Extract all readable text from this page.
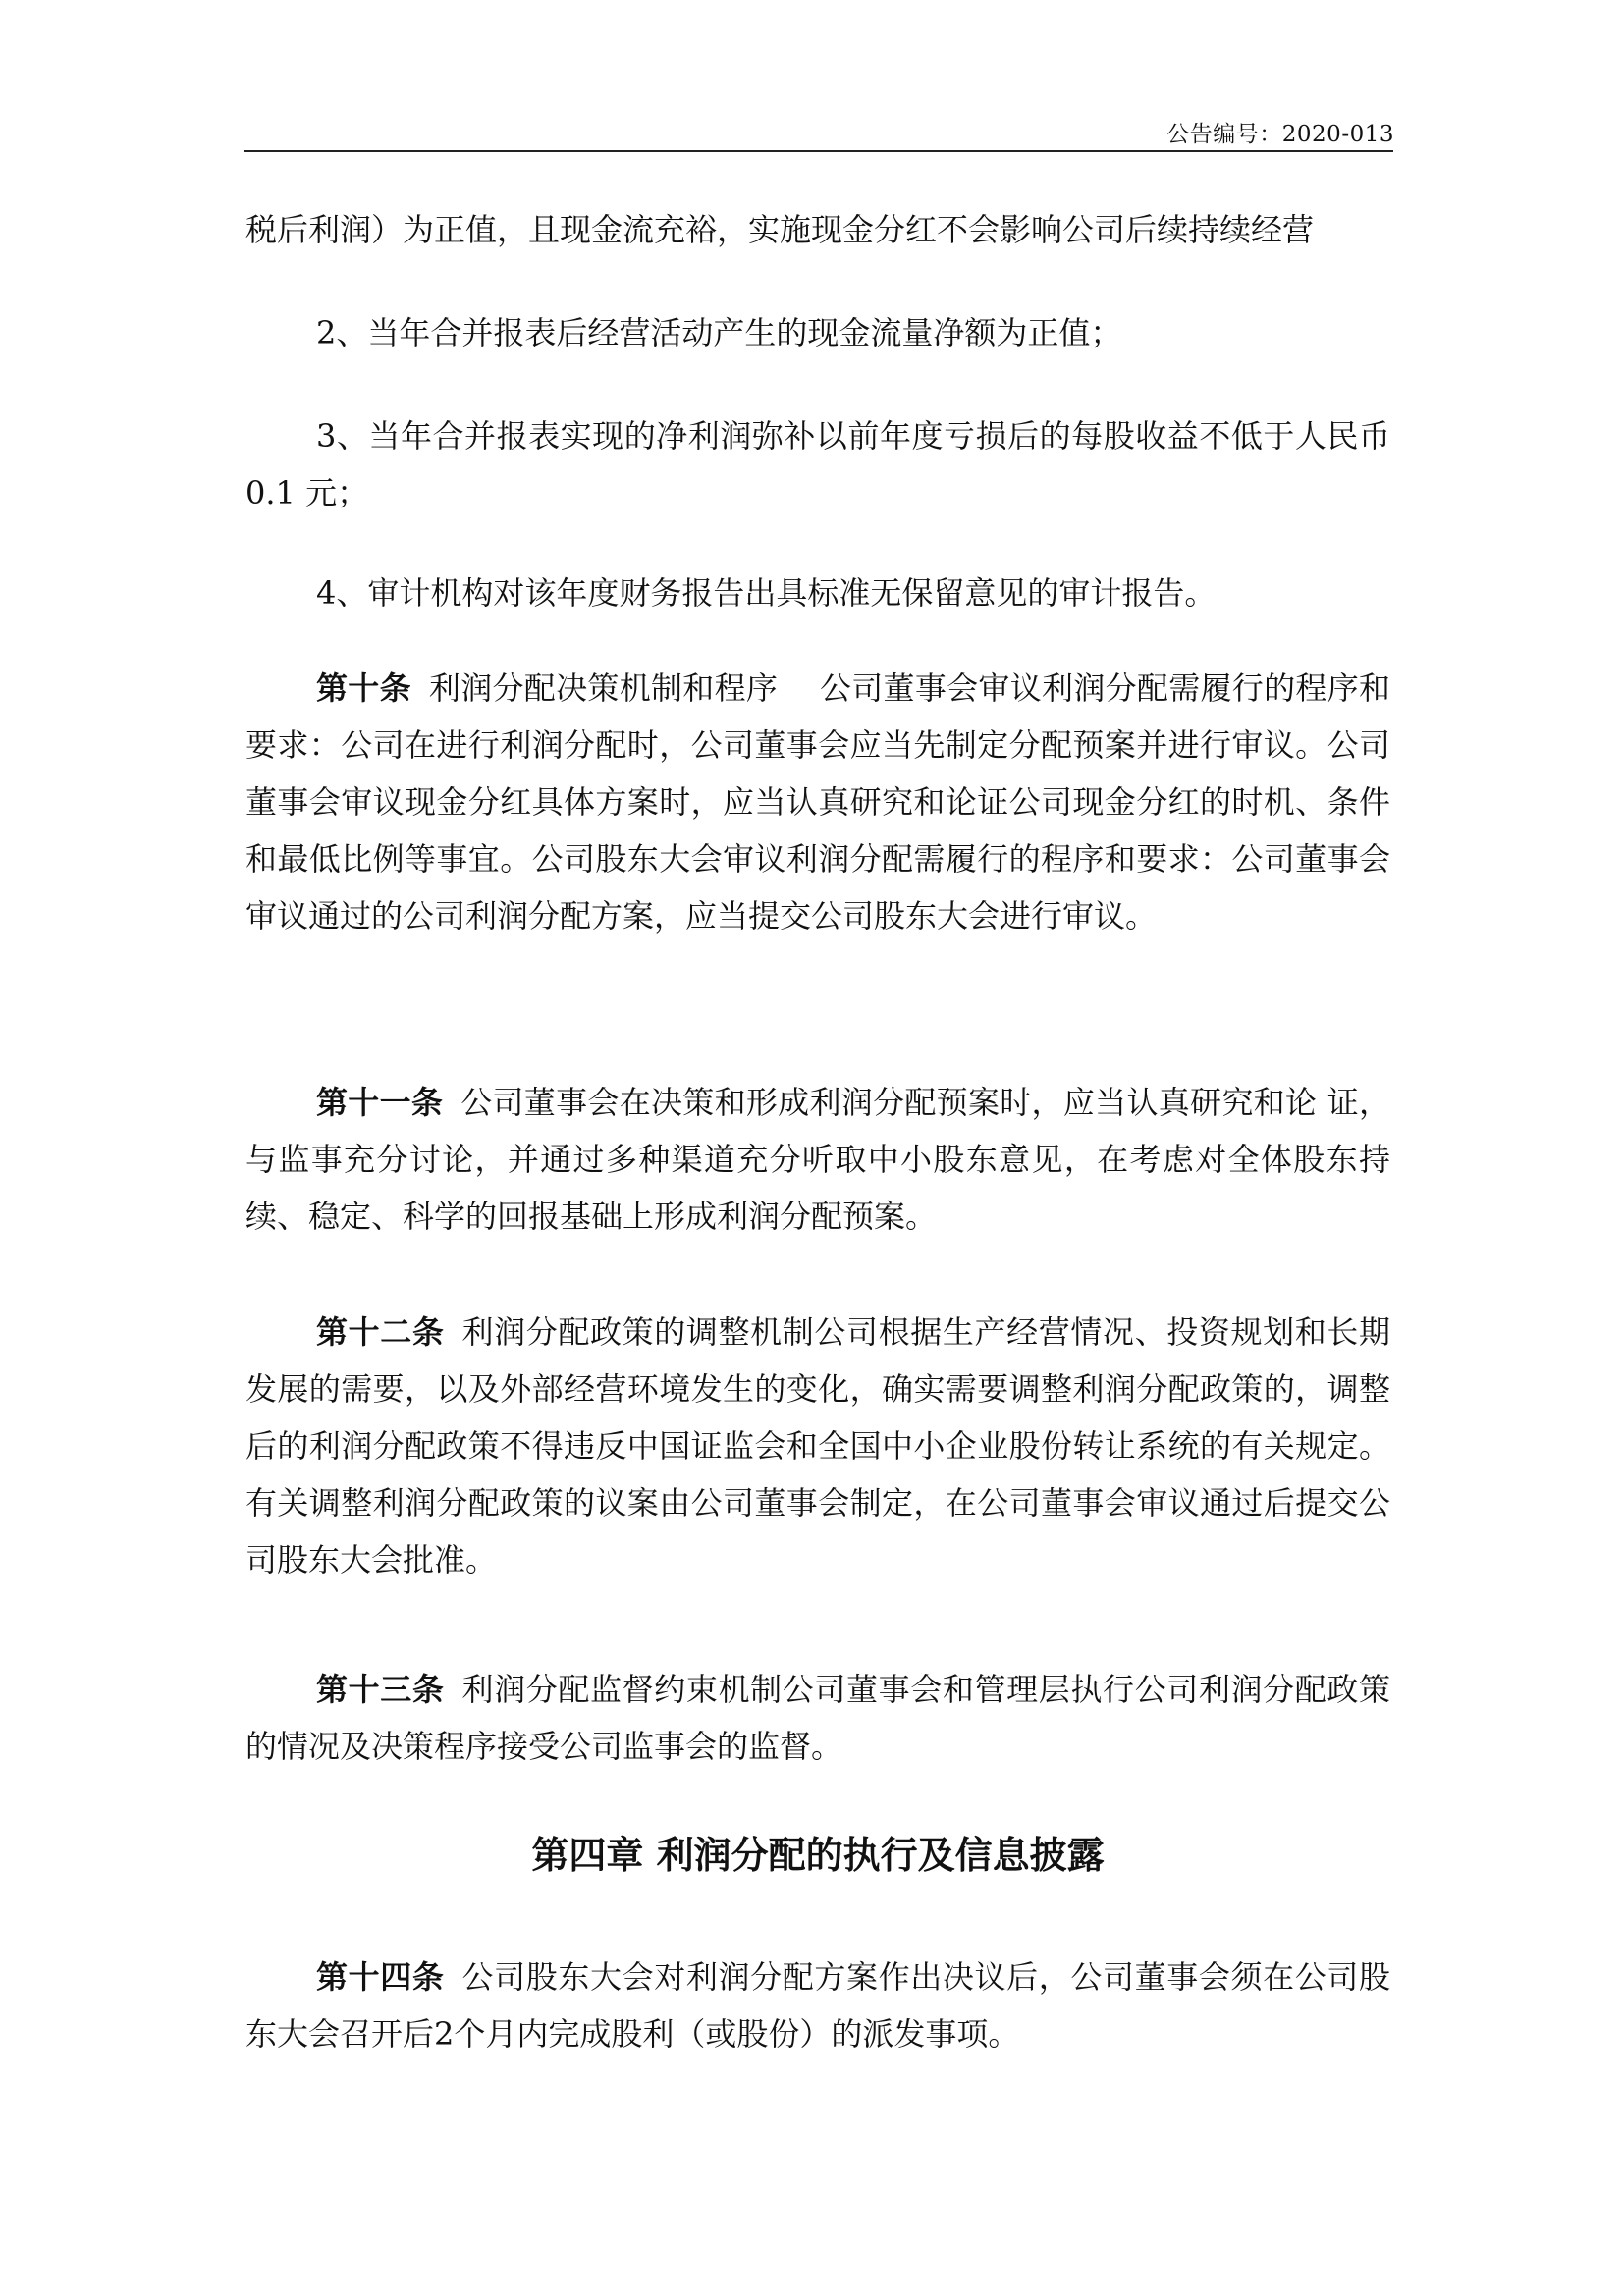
公告编号：2020-013

税后利润）为正值，且现金流充裕，实施现金分红不会影响公司后续持续经营

2、当年合并报表后经营活动产生的现金流量净额为正值；

3、当年合并报表实现的净利润弥补以前年度亏损后的每股收益不低于人民币 0.1 元；

4、审计机构对该年度财务报告出具标准无保留意见的审计报告。

第十条 利润分配决策机制和程序　 公司董事会审议利润分配需履行的程序和要求：公司在进行利润分配时，公司董事会应当先制定分配预案并进行审议。公司董事会审议现金分红具体方案时，应当认真研究和论证公司现金分红的时机、条件和最低比例等事宜。公司股东大会审议利润分配需履行的程序和要求：公司董事会审议通过的公司利润分配方案，应当提交公司股东大会进行审议。

第十一条 公司董事会在决策和形成利润分配预案时，应当认真研究和论 证，与监事充分讨论，并通过多种渠道充分听取中小股东意见，在考虑对全体股东持续、稳定、科学的回报基础上形成利润分配预案。

第十二条 利润分配政策的调整机制公司根据生产经营情况、投资规划和长期发展的需要，以及外部经营环境发生的变化，确实需要调整利润分配政策的，调整后的利润分配政策不得违反中国证监会和全国中小企业股份转让系统的有关规定。有关调整利润分配政策的议案由公司董事会制定，在公司董事会审议通过后提交公司股东大会批准。

第十三条 利润分配监督约束机制公司董事会和管理层执行公司利润分配政策的情况及决策程序接受公司监事会的监督。

第四章 利润分配的执行及信息披露

第十四条 公司股东大会对利润分配方案作出决议后，公司董事会须在公司股东大会召开后2个月内完成股利（或股份）的派发事项。
